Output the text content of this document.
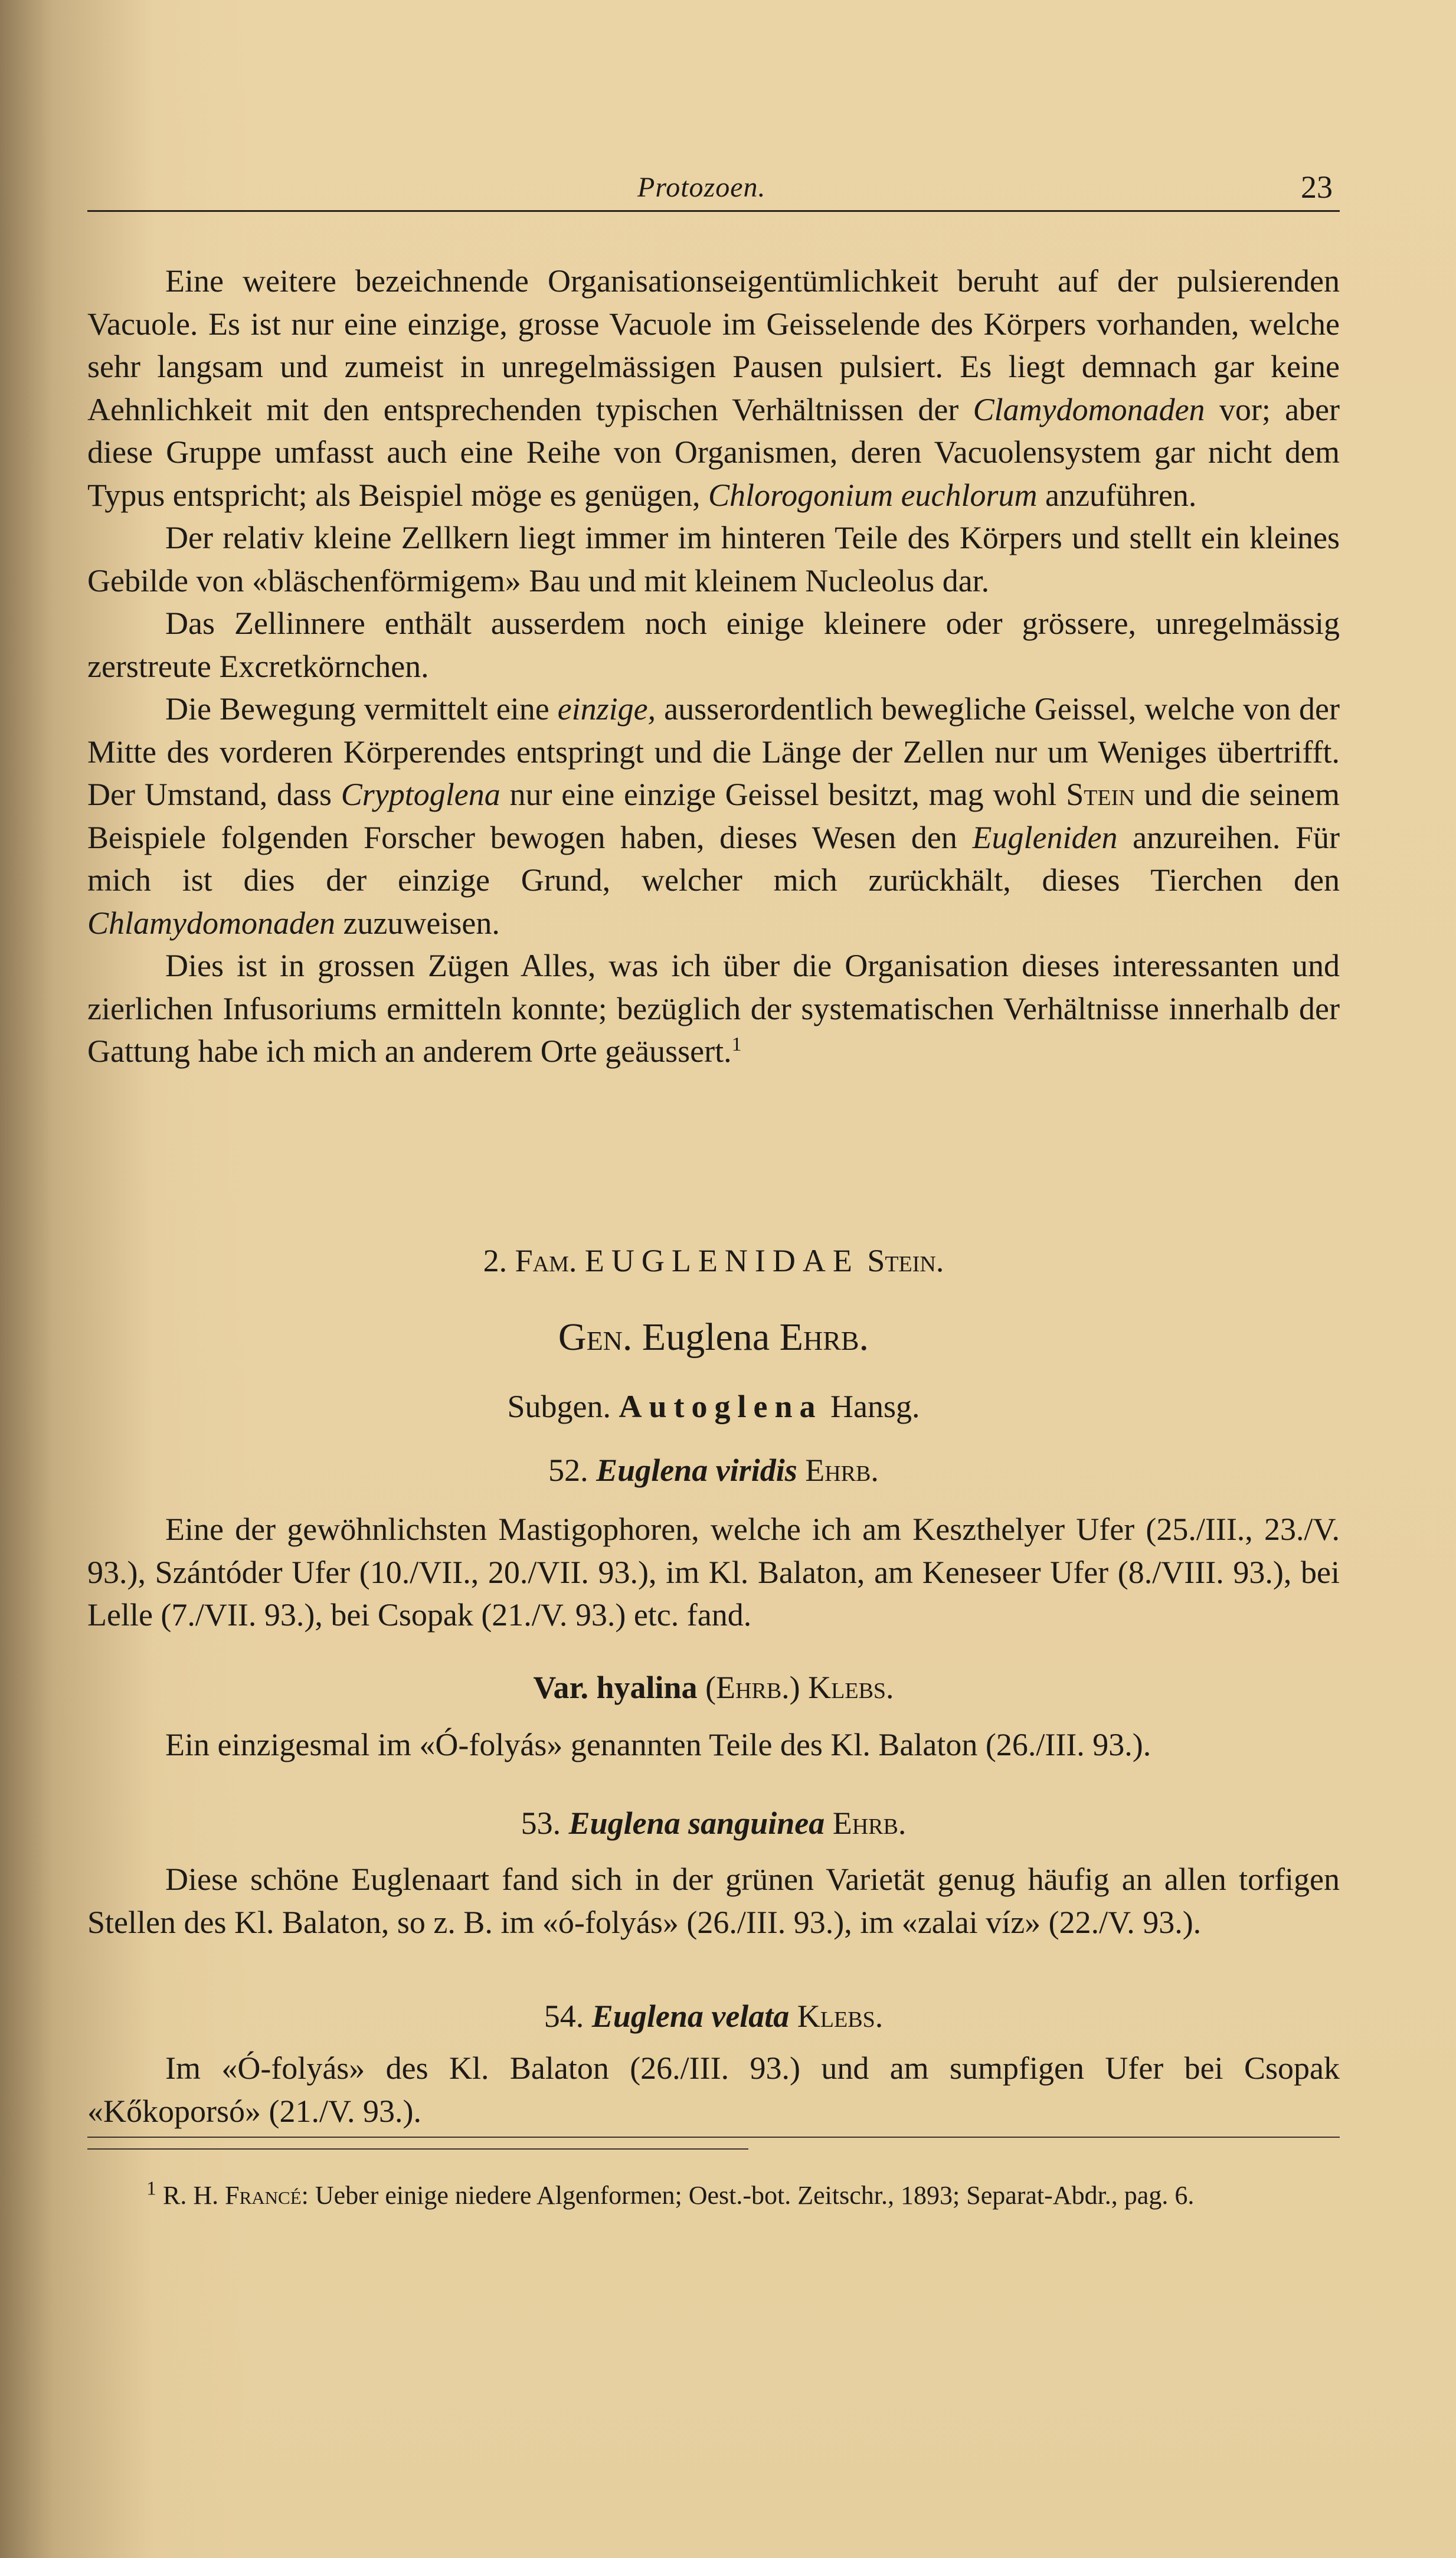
Protozoen.	23

Eine weitere bezeichnende Organisationseigentümlichkeit beruht auf der pulsierenden Vacuole. Es ist nur eine einzige, grosse Vacuole im Geisselende des Körpers vorhanden, welche sehr langsam und zumeist in unregelmässigen Pausen pulsiert. Es liegt demnach gar keine Aehnlichkeit mit den entsprechenden typischen Verhältnissen der Clamydomonaden vor; aber diese Gruppe umfasst auch eine Reihe von Organismen, deren Vacuolensystem gar nicht dem Typus entspricht; als Beispiel möge es genügen, Chlorogonium euchlorum anzuführen.

Der relativ kleine Zellkern liegt immer im hinteren Teile des Körpers und stellt ein kleines Gebilde von «bläschenförmigem» Bau und mit kleinem Nucleolus dar.

Das Zellinnere enthält ausserdem noch einige kleinere oder grössere, unregelmässig zerstreute Excretkörnchen.

Die Bewegung vermittelt eine einzige, ausserordentlich bewegliche Geissel, welche von der Mitte des vorderen Körperendes entspringt und die Länge der Zellen nur um Weniges übertrifft. Der Umstand, dass Cryptoglena nur eine einzige Geissel besitzt, mag wohl Stein und die seinem Beispiele folgenden Forscher bewogen haben, dieses Wesen den Eugleniden anzureihen. Für mich ist dies der einzige Grund, welcher mich zurückhält, dieses Tierchen den Chlamydomonaden zuzuweisen.

Dies ist in grossen Zügen Alles, was ich über die Organisation dieses interessanten und zierlichen Infusoriums ermitteln konnte; bezüglich der systematischen Verhältnisse innerhalb der Gattung habe ich mich an anderem Orte geäussert.$^1$

2. Fam. EUGLENIDAE Stein.
Gen. Euglena Ehrb.
Subgen. Autoglena Hansg.
52. Euglena viridis Ehrb.

Eine der gewöhnlichsten Mastigophoren, welche ich am Keszthelyer Ufer (25./III., 23./V. 93.), Szántóder Ufer (10./VII., 20./VII. 93.), im Kl. Balaton, am Keneseer Ufer (8./VIII. 93.), bei Lelle (7./VII. 93.), bei Csopak (21./V. 93.) etc. fand.

Var. hyalina (Ehrb.) Klebs.

Ein einzigesmal im «Ó-folyás» genannten Teile des Kl. Balaton (26./III. 93.).

53. Euglena sanguinea Ehrb.

Diese schöne Euglenaart fand sich in der grünen Varietät genug häufig an allen torfigen Stellen des Kl. Balaton, so z. B. im «ó-folyás» (26./III. 93.), im «zalai víz» (22./V. 93.).

54. Euglena velata Klebs.

Im «Ó-folyás» des Kl. Balaton (26./III. 93.) und am sumpfigen Ufer bei Csopak «Kőkoporsó» (21./V. 93.).

$^1$ R. H. Francé: Ueber einige niedere Algenformen; Oest.-bot. Zeitschr., 1893; Separat-Abdr., pag. 6.
